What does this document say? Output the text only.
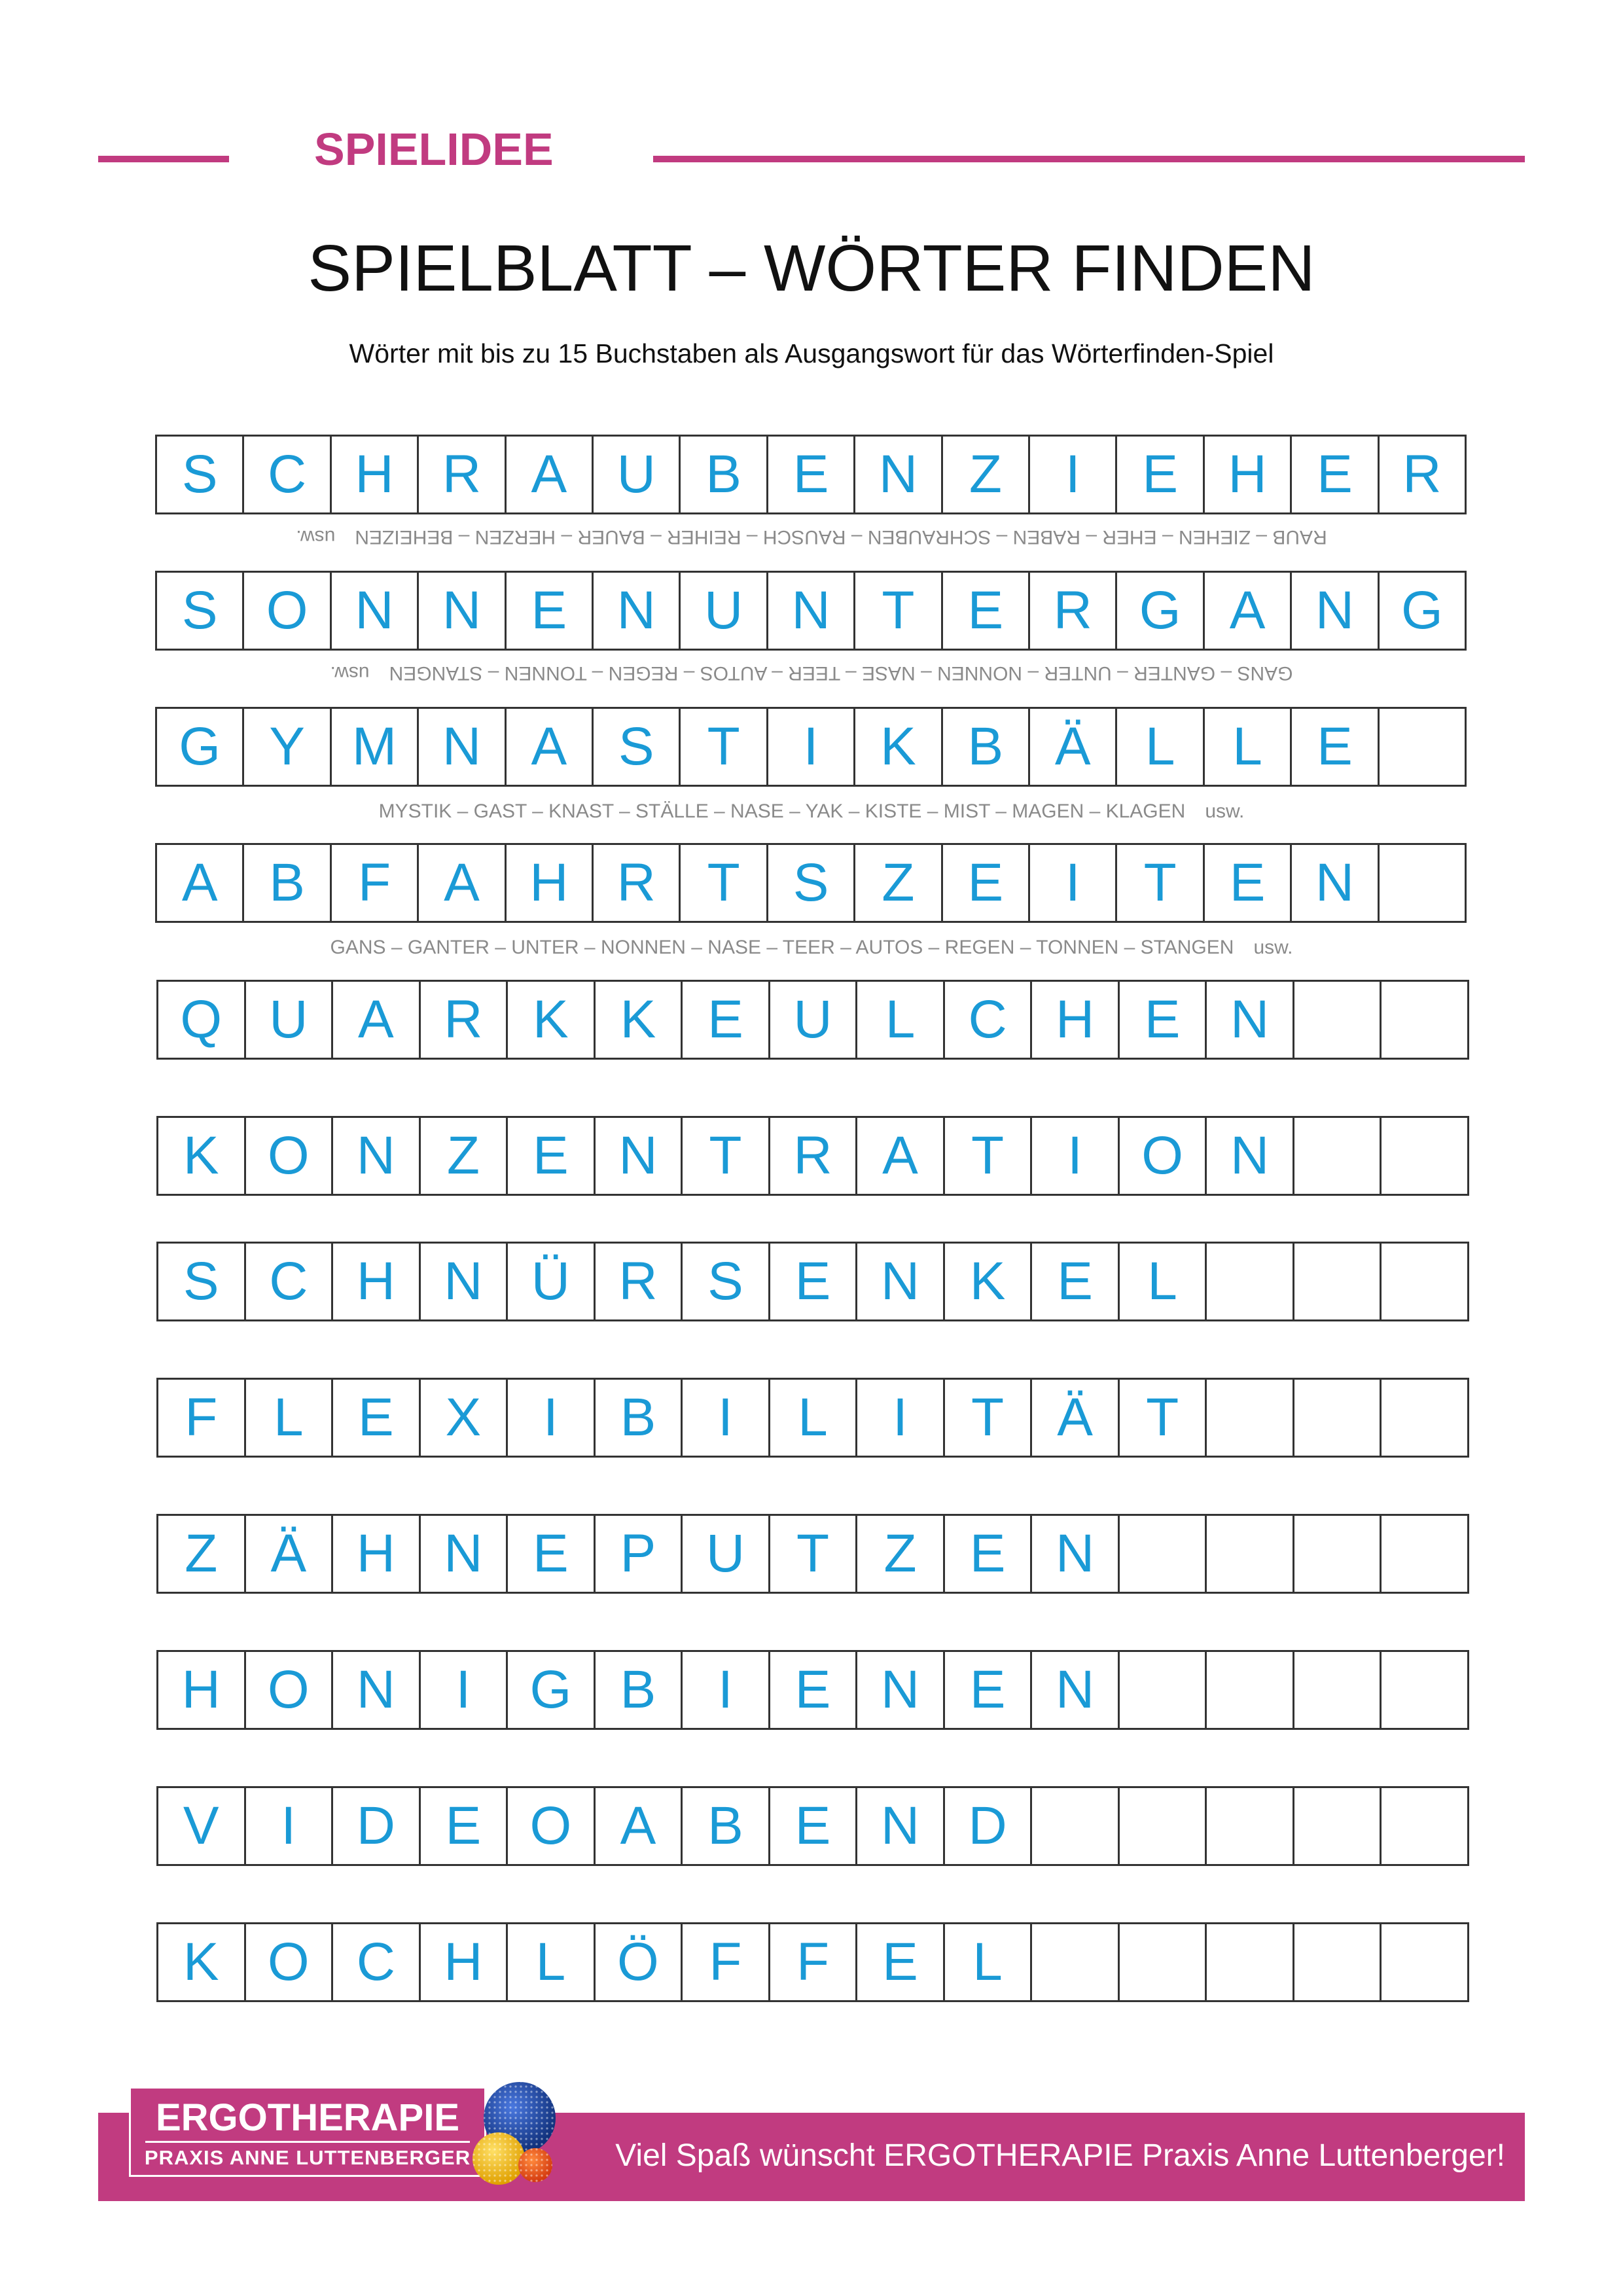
SPIELIDEE
SPIELBLATT – WÖRTER FINDEN
Wörter mit bis zu 15 Buchstaben als Ausgangswort für das Wörterfinden-Spiel
S C H R A U B E N Z	I	E H E R
RAUB – ZIEHEN – EHER – RABEN – SCHRAUBEN – RAUSCH – REIHER – BAUER – HERZEN – BEHEIZENusw.
S O N N E N U N T E R G A N G
GANS – GANTER – UNTER – NONNEN – NASE – TEER – AUTOS – REGEN – TONNEN – STANGENusw.
G Y M N A S T	I	K B Ä	L	L	E
MYSTIK – GAST – KNAST – STÄLLE – NASE – YAK – KISTE – MIST – MAGEN – KLAGEN usw.
A B F A H R T S Z E	I	T E N
GANS – GANTER – UNTER – NONNEN – NASE – TEER – AUTOS – REGEN – TONNEN – STANGEN usw.
Q U A R K K E U L C H E N
K O N Z E N T R A T	I	O N
S C H N Ü R S E N K E	L
F	L	E X	I	B	I	L	I	T Ä T
Z Ä H N E P U T	Z E N
H O N	I	G B	I	E N E N
V	I	D E O A B E N D
K O C H L Ö F	F E	L
Viel Spaß wünscht ERGOTHERAPIE Praxis Anne Luttenberger!
ERGOTHERAPIE
PRAXIS ANNE LUTTENBERGER
